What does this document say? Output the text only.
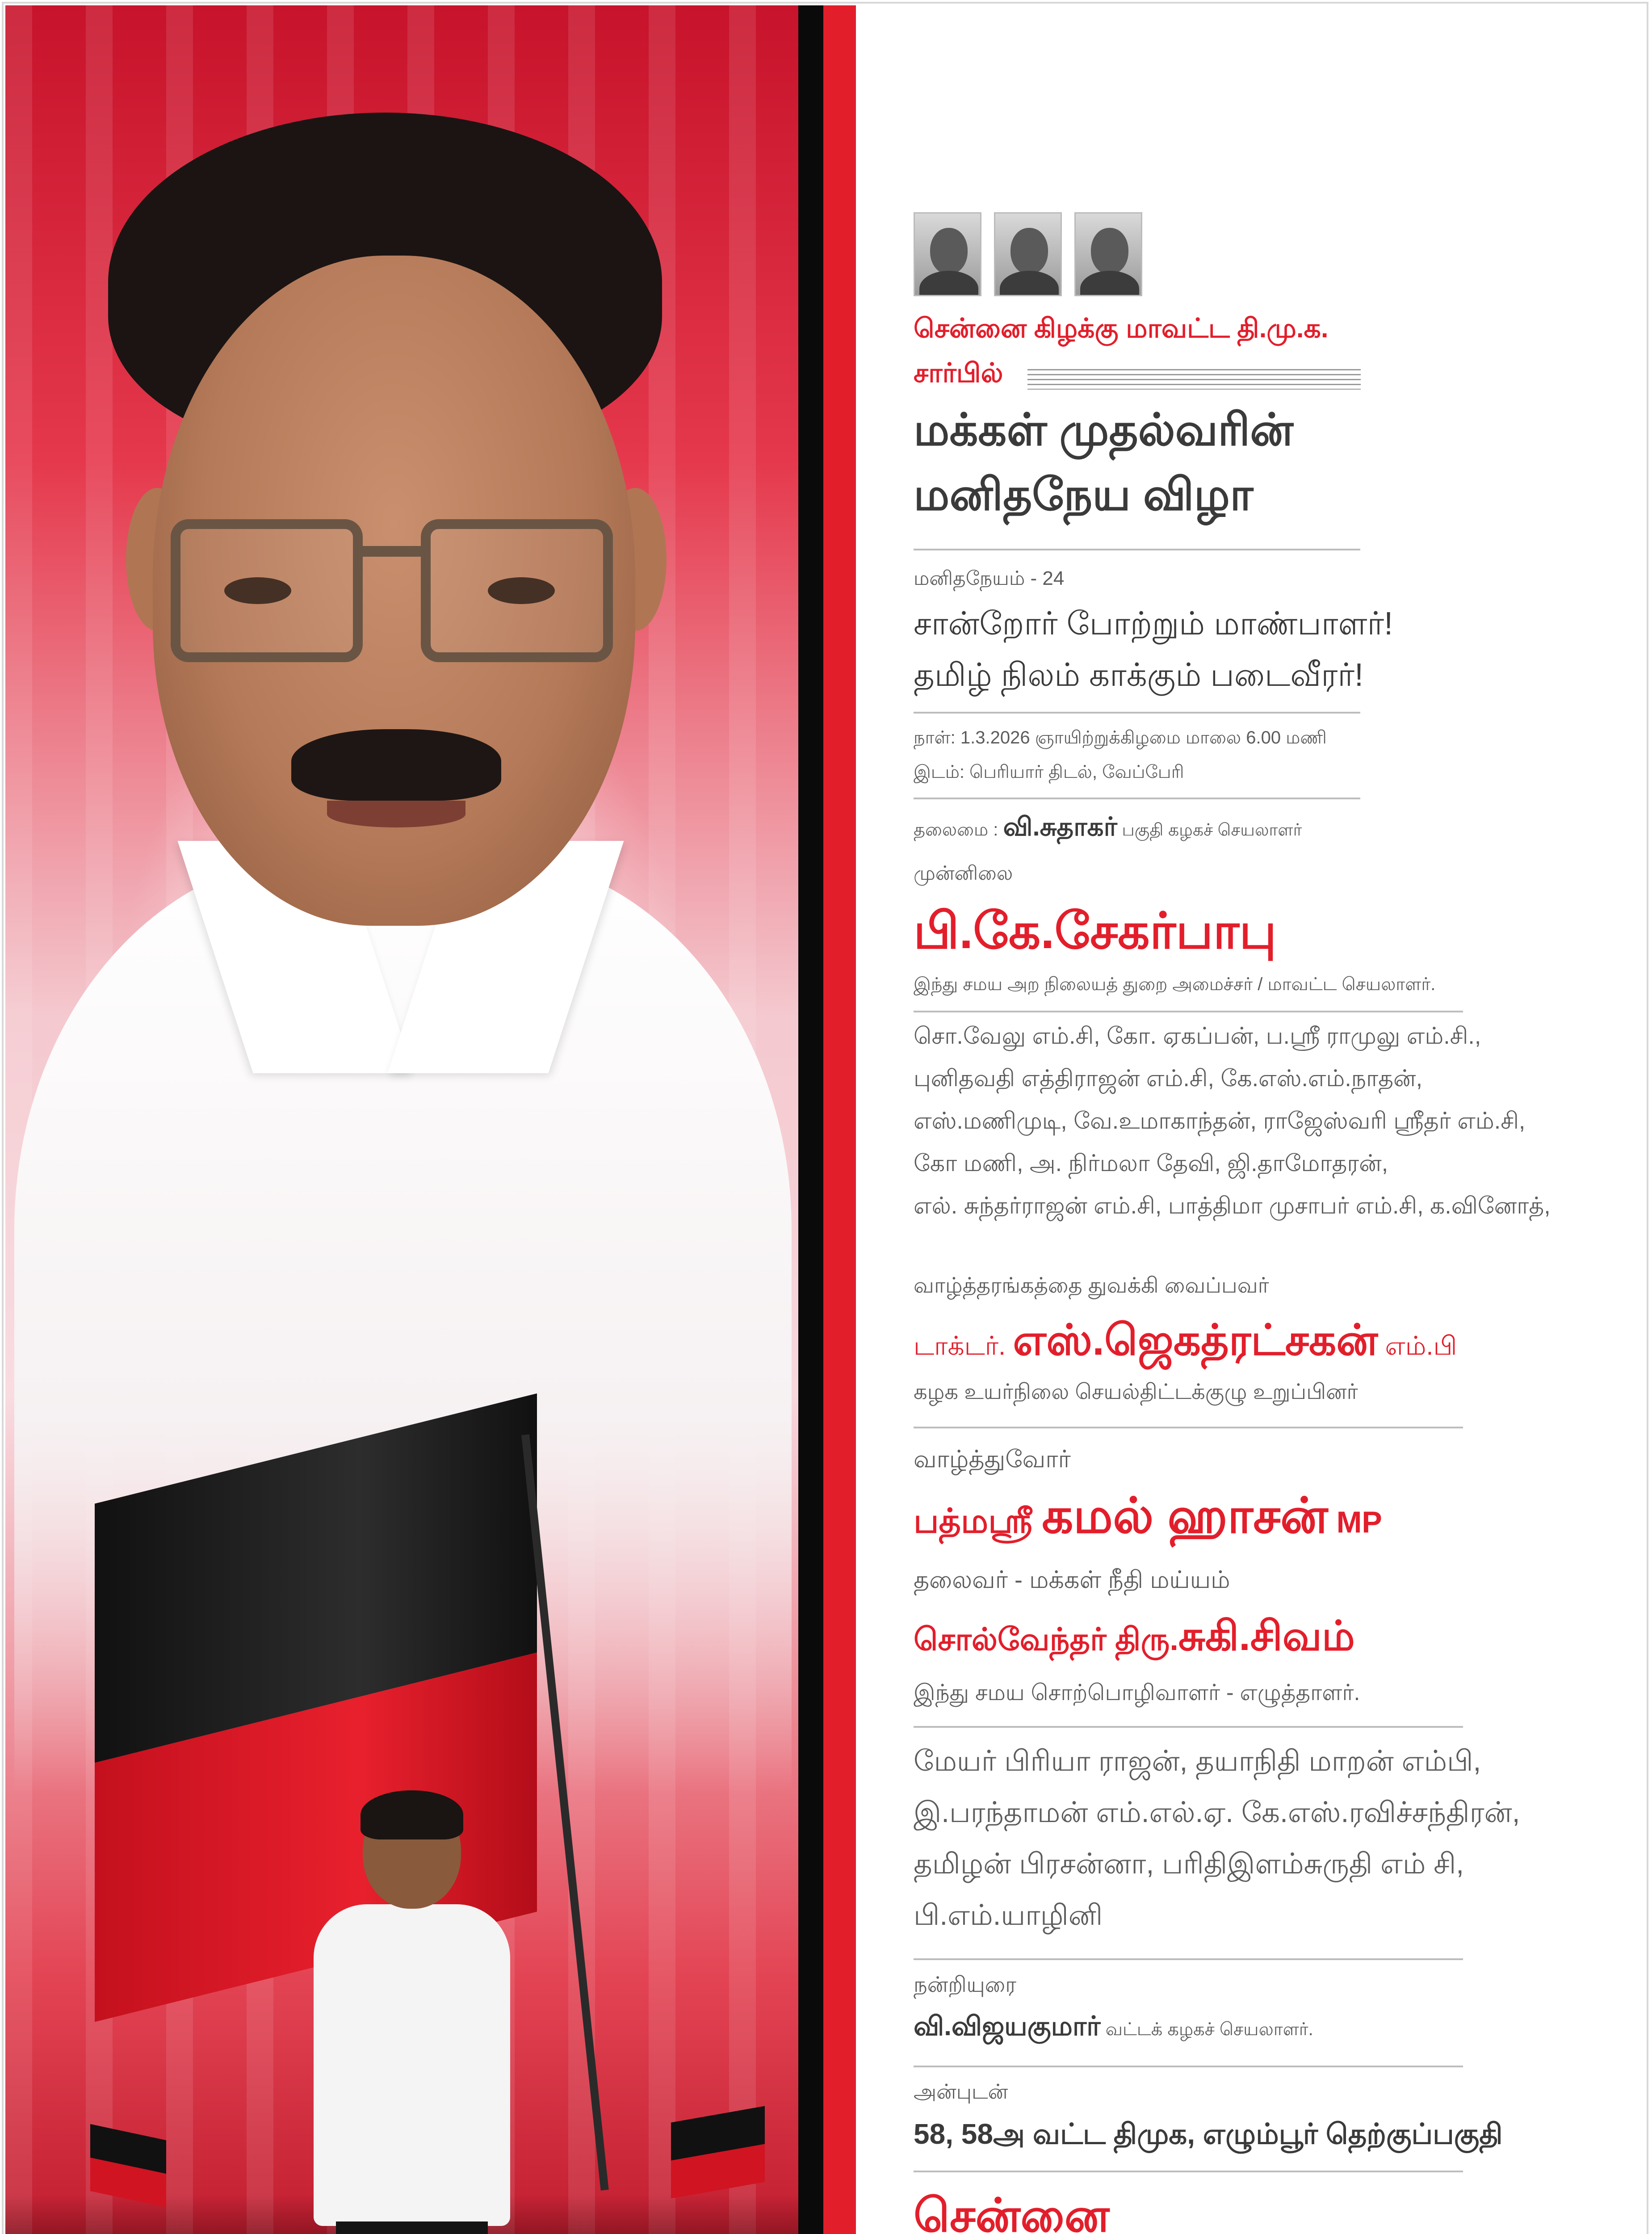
சென்னை கிழக்கு மாவட்ட தி.மு.க.
சார்பில்
மக்கள் முதல்வரின்
மனிதநேய விழா
மனிதநேயம் - 24
சான்றோர் போற்றும் மாண்பாளர்!
தமிழ் நிலம் காக்கும் படைவீரர்!
நாள்: 1.3.2026 ஞாயிற்றுக்கிழமை மாலை 6.00 மணி
இடம்: பெரியார் திடல், வேப்பேரி
தலைமை : வி.சுதாகர் பகுதி கழகச் செயலாளர்
முன்னிலை
பி.கே.சேகர்பாபு
இந்து சமய அற நிலையத் துறை அமைச்சர் / மாவட்ட செயலாளர்.
சொ.வேலு எம்.சி, கோ. ஏகப்பன், ப.ஸ்ரீ ராமுலு எம்.சி.,
புனிதவதி எத்திராஜன் எம்.சி, கே.எஸ்.எம்.நாதன்,
எஸ்.மணிமுடி, வே.உமாகாந்தன், ராஜேஸ்வரி ஸ்ரீதர் எம்.சி,
கோ மணி, அ. நிர்மலா தேவி, ஜி.தாமோதரன்,
எல். சுந்தர்ராஜன் எம்.சி, பாத்திமா முசாபர் எம்.சி, க.வினோத்,
வாழ்த்தரங்கத்தை துவக்கி வைப்பவர்
டாக்டர். எஸ்.ஜெகத்ரட்சகன் எம்.பி
கழக உயர்நிலை செயல்திட்டக்குழு உறுப்பினர்
வாழ்த்துவோர்
பத்மஸ்ரீ கமல் ஹாசன் MP
தலைவர் - மக்கள் நீதி மய்யம்
சொல்வேந்தர் திரு.சுகி.சிவம்
இந்து சமய சொற்பொழிவாளர் - எழுத்தாளர்.
மேயர் பிரியா ராஜன், தயாநிதி மாறன் எம்பி,
இ.பரந்தாமன் எம்.எல்.ஏ. கே.எஸ்.ரவிச்சந்திரன்,
தமிழன் பிரசன்னா, பரிதிஇளம்சுருதி எம் சி,
பி.எம்.யாழினி
நன்றியுரை
வி.விஜயகுமார் வட்டக் கழகச் செயலாளர்.
அன்புடன்
58, 58அ வட்ட திமுக, எழும்பூர் தெற்குப்பகுதி
சென்னை
